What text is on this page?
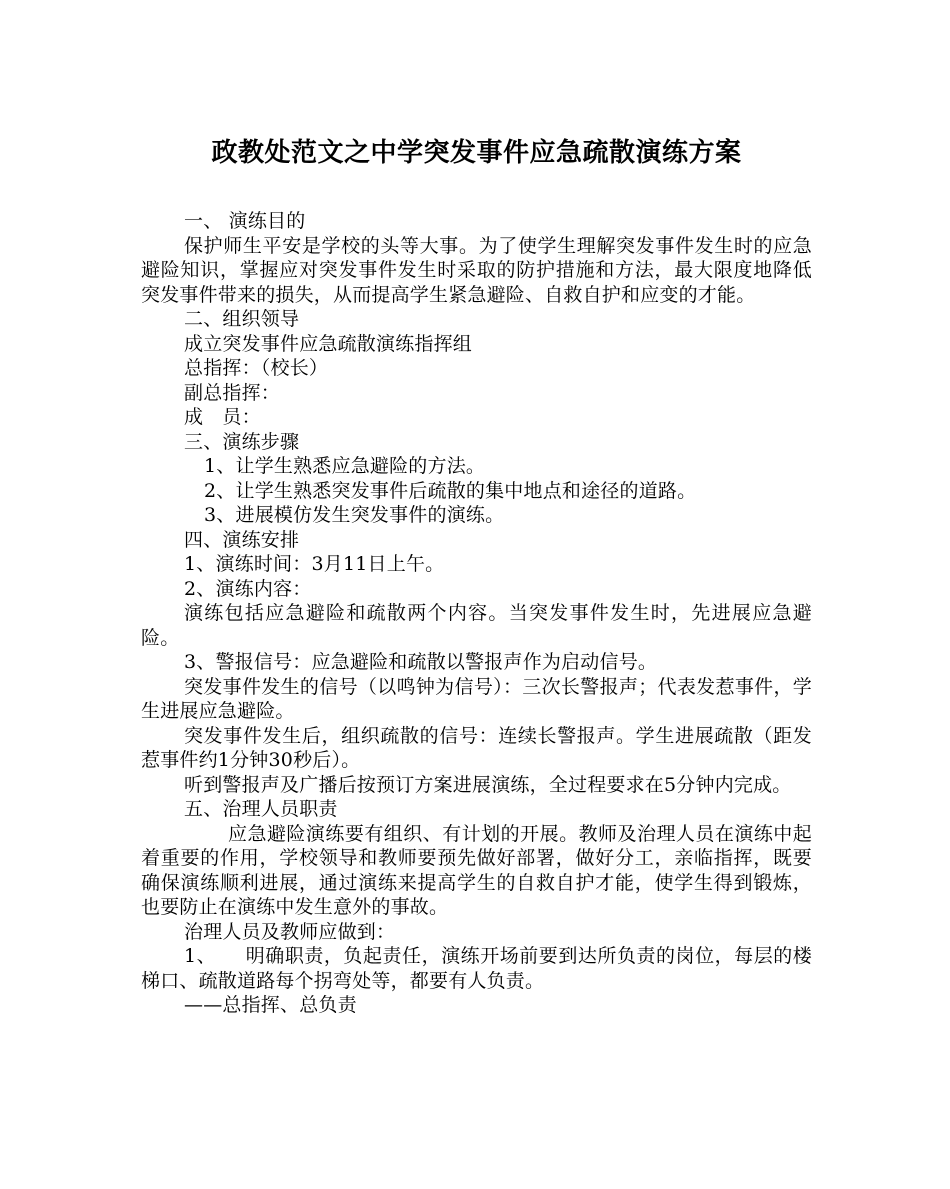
政教处范文之中学突发事件应急疏散演练方案

一、 演练目的

保护师生平安是学校的头等大事。为了使学生理解突发事件发生时的应急避险知识，掌握应对突发事件发生时采取的防护措施和方法，最大限度地降低突发事件带来的损失，从而提高学生紧急避险、自救自护和应变的才能。

二、组织领导

成立突发事件应急疏散演练指挥组

总指挥：（校长）

副总指挥：

成　员：

三、演练步骤

1、让学生熟悉应急避险的方法。

2、让学生熟悉突发事件后疏散的集中地点和途径的道路。

3、进展模仿发生突发事件的演练。

四、演练安排

1、演练时间：3月11日上午。

2、演练内容：

演练包括应急避险和疏散两个内容。当突发事件发生时，先进展应急避险。

3、警报信号：应急避险和疏散以警报声作为启动信号。

突发事件发生的信号（以鸣钟为信号）：三次长警报声；代表发惹事件，学生进展应急避险。

突发事件发生后，组织疏散的信号：连续长警报声。学生进展疏散（距发惹事件约1分钟30秒后）。

听到警报声及广播后按预订方案进展演练，全过程要求在5分钟内完成。

五、治理人员职责

应急避险演练要有组织、有计划的开展。教师及治理人员在演练中起着重要的作用，学校领导和教师要预先做好部署，做好分工，亲临指挥，既要确保演练顺利进展，通过演练来提高学生的自救自护才能，使学生得到锻炼，也要防止在演练中发生意外的事故。

治理人员及教师应做到：

1、　　明确职责，负起责任，演练开场前要到达所负责的岗位，每层的楼梯口、疏散道路每个拐弯处等，都要有人负责。

——总指挥、总负责
